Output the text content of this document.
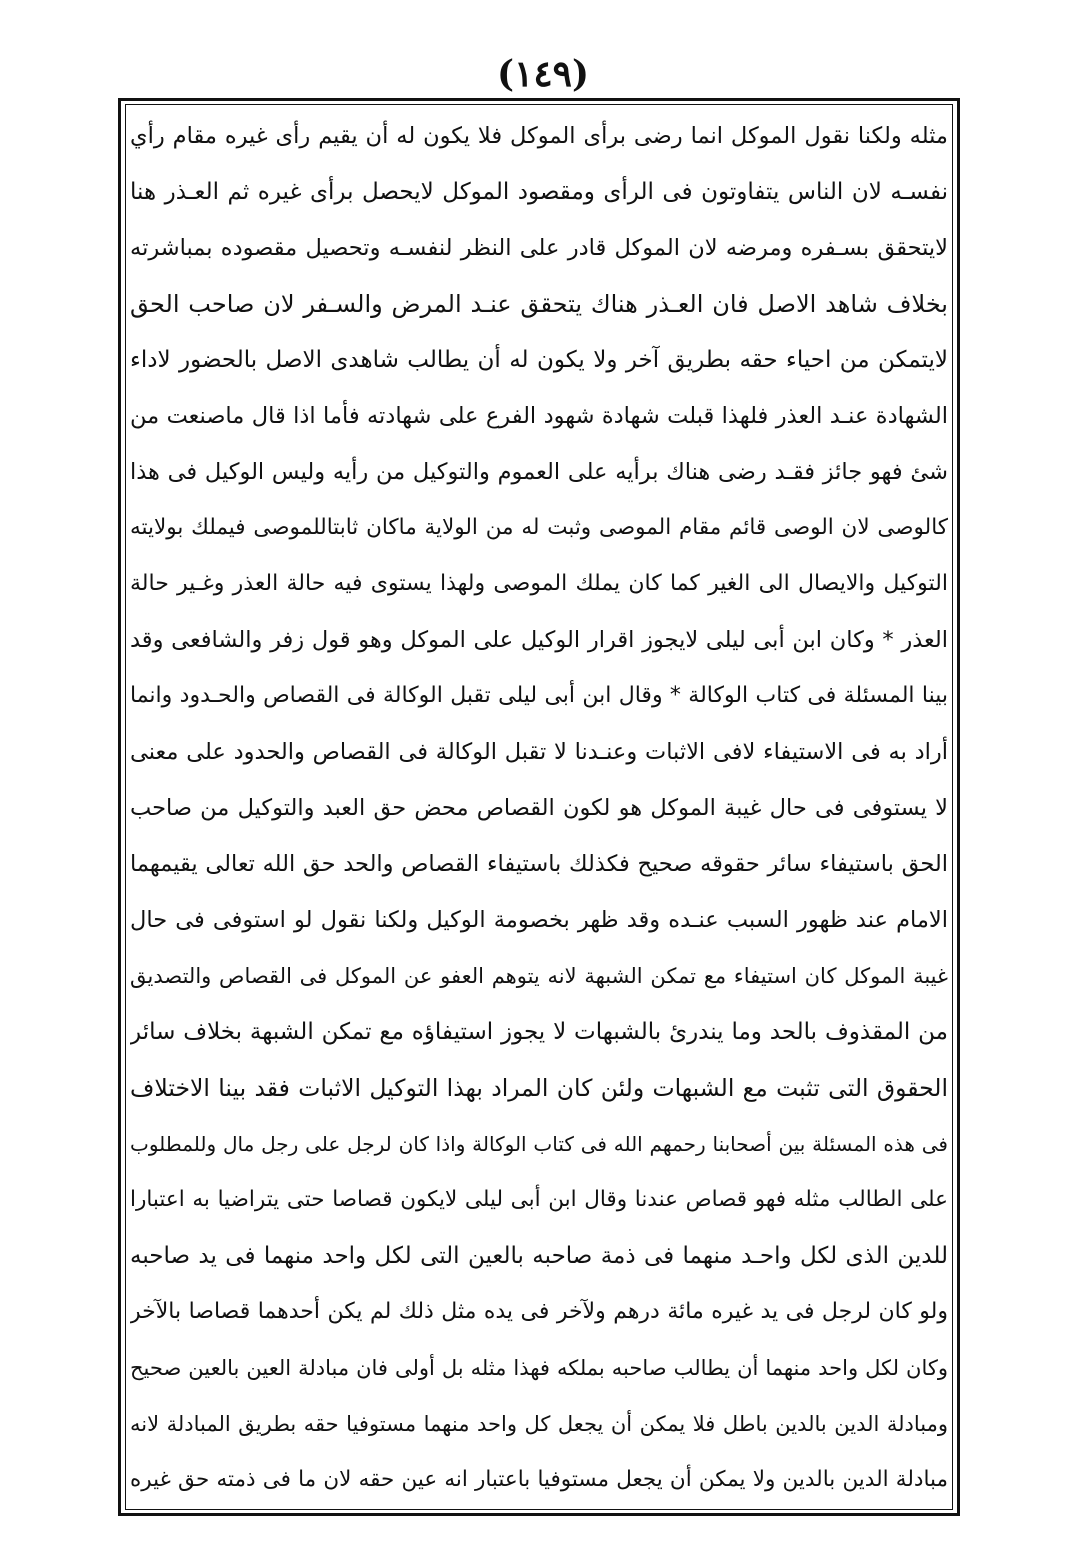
(١٤٩)
مثله ولكنا نقول الموكل انما رضى برأى الموكل فلا يكون له أن يقيم رأى غيره مقام رأي
نفسـه لان الناس يتفاوتون فى الرأى ومقصود الموكل لايحصل برأى غيره ثم العـذر هنا
لايتحقق بسـفره ومرضه لان الموكل قادر على النظر لنفسـه وتحصيل مقصوده بمباشرته
بخلاف شاهد الاصل فان العـذر هناك يتحقق عنـد المرض والسـفر لان صاحب الحق
لايتمكن من احياء حقه بطريق آخر ولا يكون له أن يطالب شاهدى الاصل بالحضور لاداء
الشهادة عنـد العذر فلهذا قبلت شهادة شهود الفرع على شهادته فأما اذا قال ماصنعت من
شئ فهو جائز فقـد رضى هناك برأيه على العموم والتوكيل من رأيه وليس الوكيل فى هذا
كالوصى لان الوصى قائم مقام الموصى وثبت له من الولاية ماكان ثابتاللموصى فيملك بولايته
التوكيل والايصال الى الغير كما كان يملك الموصى ولهذا يستوى فيه حالة العذر وغـير حالة
العذر * وكان ابن أبى ليلى لايجوز اقرار الوكيل على الموكل وهو قول زفر والشافعى وقد
بينا المسئلة فى كتاب الوكالة * وقال ابن أبى ليلى تقبل الوكالة فى القصاص والحـدود وانما
أراد به فى الاستيفاء لافى الاثبات وعنـدنا لا تقبل الوكالة فى القصاص والحدود على معنى
لا يستوفى فى حال غيبة الموكل هو لكون القصاص محض حق العبد والتوكيل من صاحب
الحق باستيفاء سائر حقوقه صحيح فكذلك باستيفاء القصاص والحد حق الله تعالى يقيمهما
الامام عند ظهور السبب عنـده وقد ظهر بخصومة الوكيل ولكنا نقول لو استوفى فى حال
غيبة الموكل كان استيفاء مع تمكن الشبهة لانه يتوهم العفو عن الموكل فى القصاص والتصديق
من المقذوف بالحد وما يندرئ بالشبهات لا يجوز استيفاؤه مع تمكن الشبهة بخلاف سائر
الحقوق التى تثبت مع الشبهات ولئن كان المراد بهذا التوكيل الاثبات فقد بينا الاختلاف
فى هذه المسئلة بين أصحابنا رحمهم الله فى كتاب الوكالة واذا كان لرجل على رجل مال وللمطلوب
على الطالب مثله فهو قصاص عندنا وقال ابن أبى ليلى لايكون قصاصا حتى يتراضيا به اعتبارا
للدين الذى لكل واحـد منهما فى ذمة صاحبه بالعين التى لكل واحد منهما فى يد صاحبه
ولو كان لرجل فى يد غيره مائة درهم ولآخر فى يده مثل ذلك لم يكن أحدهما قصاصا بالآخر
وكان لكل واحد منهما أن يطالب صاحبه بملكه فهذا مثله بل أولى فان مبادلة العين بالعين صحيح
ومبادلة الدين بالدين باطل فلا يمكن أن يجعل كل واحد منهما مستوفيا حقه بطريق المبادلة لانه
مبادلة الدين بالدين ولا يمكن أن يجعل مستوفيا باعتبار انه عين حقه لان ما فى ذمته حق غيره
